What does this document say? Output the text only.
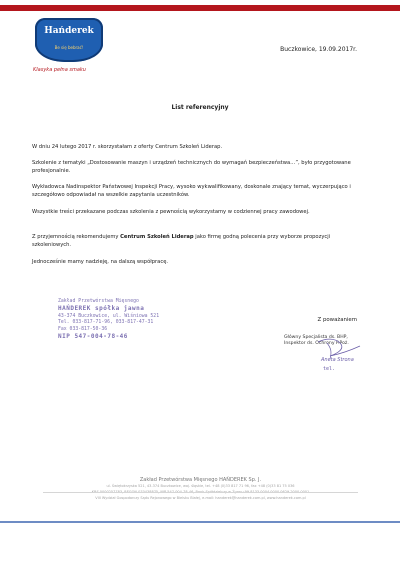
Hańderek
Be się bebrać!
Klasyka pełna smaku
Buczkowice, 19.09.2017r.
List referencyjny
W dniu 24 lutego 2017 r. skorzystałam z oferty Centrum Szkoleń Liderap.
Szkolenie z tematyki „Dostosowanie maszyn i urządzeń technicznych do wymagań bezpieczeństwa…”, było przygotowane profesjonalnie.
Wykładowca Nadinspektor Państwowej Inspekcji Pracy, wysoko wykwalifikowany, doskonale znający temat, wyczerpująco i szczegółowo odpowiadał na wszelkie zapytania uczestników.
Wszystkie treści przekazane podczas szkolenia z pewnością wykorzystamy w codziennej pracy zawodowej.
Z przyjemnością rekomendujemy Centrum Szkoleń Liderap jako firmę godną polecenia przy wyborze propozycji szkoleniowych.
Jednocześnie mamy nadzieję, na dalszą współpracę.
Zakład Przetwórstwa Mięsnego
HAŃDEREK spółka jawna
43-374 Buczkowice, ul. Wiśniowa 521
Tel. 033-817-71-96, 033-817-47-31
Fax 033-817-50-36
NIP 547-004-78-46
Z poważaniem
Główny Specjalista ds. BHP,
Inspektor ds. Ochrony P.Poż.
Aneta Strona
tel.
Zakład Przetwórstwa Mięsnego HAŃDEREK Sp. J.
ul. Świętokrzyska 521, 43-374 Buczkowice, woj. śląskie, tel. +48 (0)33 817 71 96, fax +48 (0)33 81 75 036
VIII Wydział Gospodarczy Sądu Rejonowego w Bielsku Białej, e-mail: handerek@handerek.com.pl, www.handerek.com.pl
